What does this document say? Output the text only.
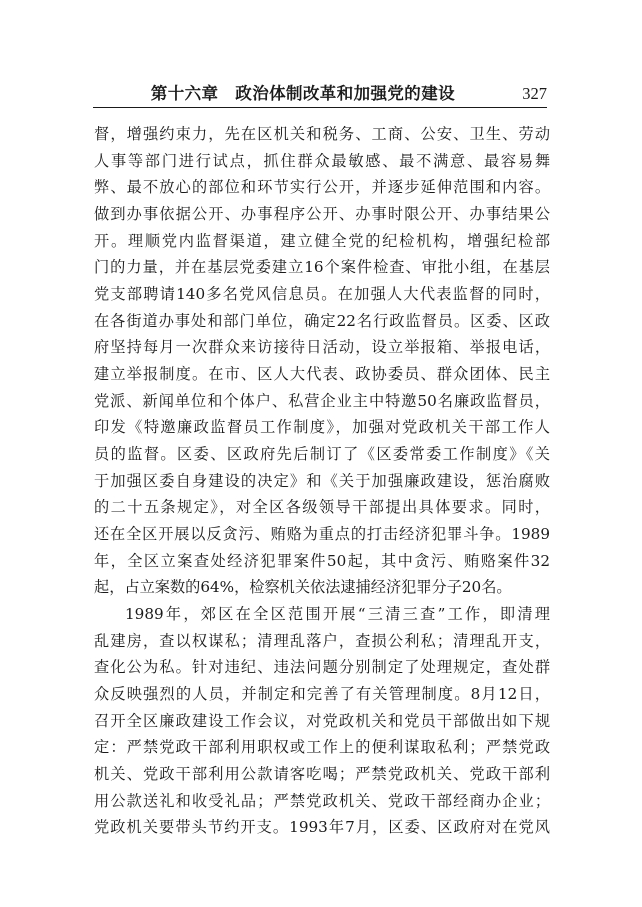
第十六章　政治体制改革和加强党的建设	327
督，增强约束力，先在区机关和税务、工商、公安、卫生、劳动
人事等部门进行试点，抓住群众最敏感、最不满意、最容易舞
弊、最不放心的部位和环节实行公开，并逐步延伸范围和内容。
做到办事依据公开、办事程序公开、办事时限公开、办事结果公
开。理顺党内监督渠道，建立健全党的纪检机构，增强纪检部
门的力量，并在基层党委建立16个案件检查、审批小组，在基层
党支部聘请140多名党风信息员。在加强人大代表监督的同时，
在各街道办事处和部门单位，确定22名行政监督员。区委、区政
府坚持每月一次群众来访接待日活动，设立举报箱、举报电话，
建立举报制度。在市、区人大代表、政协委员、群众团体、民主
党派、新闻单位和个体户、私营企业主中特邀50名廉政监督员，
印发《特邀廉政监督员工作制度》，加强对党政机关干部工作人
员的监督。区委、区政府先后制订了《区委常委工作制度》《关
于加强区委自身建设的决定》和《关于加强廉政建设，惩治腐败
的二十五条规定》，对全区各级领导干部提出具体要求。同时，
还在全区开展以反贪污、贿赂为重点的打击经济犯罪斗争。1989
年，全区立案查处经济犯罪案件50起，其中贪污、贿赂案件32
起，占立案数的64%，检察机关依法逮捕经济犯罪分子20名。
1989年，郊区在全区范围开展“三清三查”工作，即清理
乱建房，查以权谋私；清理乱落户，查损公利私；清理乱开支，
查化公为私。针对违纪、违法问题分别制定了处理规定，查处群
众反映强烈的人员，并制定和完善了有关管理制度。8月12日，
召开全区廉政建设工作会议，对党政机关和党员干部做出如下规
定：严禁党政干部利用职权或工作上的便利谋取私利；严禁党政
机关、党政干部利用公款请客吃喝；严禁党政机关、党政干部利
用公款送礼和收受礼品；严禁党政机关、党政干部经商办企业；
党政机关要带头节约开支。1993年7月，区委、区政府对在党风
